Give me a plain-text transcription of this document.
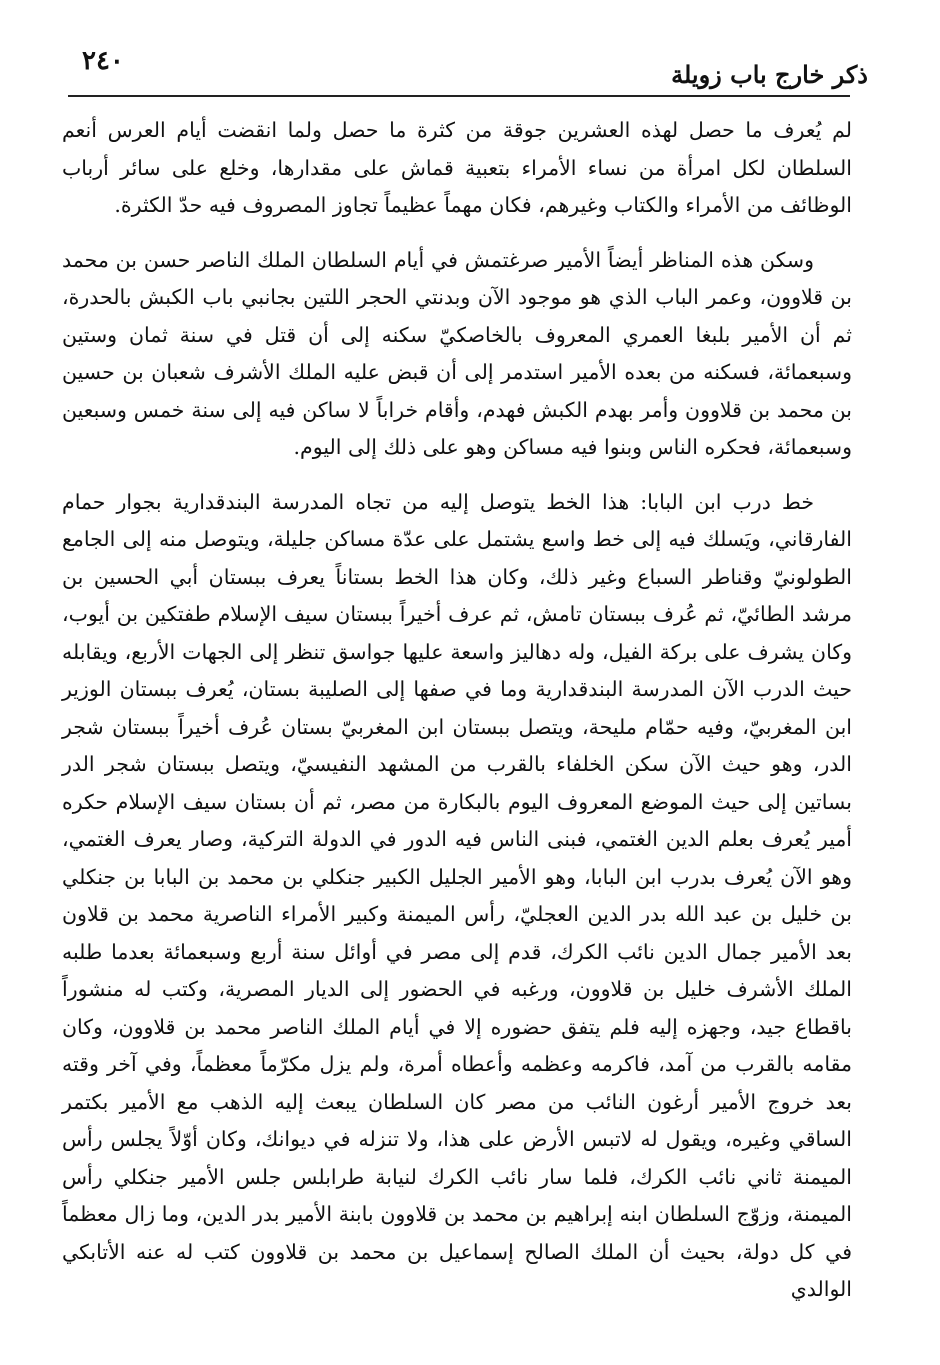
٢٤٠	ذكر خارج باب زويلة

لم يُعرف ما حصل لهذه العشرين جوقة من كثرة ما حصل ولما انقضت أيام العرس أنعم السلطان لكل امرأة من نساء الأمراء بتعبية قماش على مقدارها، وخلع على سائر أرباب الوظائف من الأمراء والكتاب وغيرهم، فكان مهماً عظيماً تجاوز المصروف فيه حدّ الكثرة.

وسكن هذه المناظر أيضاً الأمير صرغتمش في أيام السلطان الملك الناصر حسن بن محمد بن قلاوون، وعمر الباب الذي هو موجود الآن وبدنتي الحجر اللتين بجانبي باب الكبش بالحدرة، ثم أن الأمير بلبغا العمري المعروف بالخاصكيّ سكنه إلى أن قتل في سنة ثمان وستين وسبعمائة، فسكنه من بعده الأمير استدمر إلى أن قبض عليه الملك الأشرف شعبان بن حسين بن محمد بن قلاوون وأمر بهدم الكبش فهدم، وأقام خراباً لا ساكن فيه إلى سنة خمس وسبعين وسبعمائة، فحكره الناس وبنوا فيه مساكن وهو على ذلك إلى اليوم.

خط درب ابن البابا: هذا الخط يتوصل إليه من تجاه المدرسة البندقدارية بجوار حمام الفارقاني، ويَسلك فيه إلى خط واسع يشتمل على عدّة مساكن جليلة، ويتوصل منه إلى الجامع الطولونيّ وقناطر السباع وغير ذلك، وكان هذا الخط بستاناً يعرف ببستان أبي الحسين بن مرشد الطائيّ، ثم عُرف ببستان تامش، ثم عرف أخيراً ببستان سيف الإسلام طفتكين بن أيوب، وكان يشرف على بركة الفيل، وله دهاليز واسعة عليها جواسق تنظر إلى الجهات الأربع، ويقابله حيث الدرب الآن المدرسة البندقدارية وما في صفها إلى الصليبة بستان، يُعرف ببستان الوزير ابن المغربيّ، وفيه حمّام مليحة، ويتصل ببستان ابن المغربيّ بستان عُرف أخيراً ببستان شجر الدر، وهو حيث الآن سكن الخلفاء بالقرب من المشهد النفيسيّ، ويتصل ببستان شجر الدر بساتين إلى حيث الموضع المعروف اليوم بالبكارة من مصر، ثم أن بستان سيف الإسلام حكره أمير يُعرف بعلم الدين الغتمي، فبنى الناس فيه الدور في الدولة التركية، وصار يعرف الغتمي، وهو الآن يُعرف بدرب ابن البابا، وهو الأمير الجليل الكبير جنكلي بن محمد بن البابا بن جنكلي بن خليل بن عبد الله بدر الدين العجليّ، رأس الميمنة وكبير الأمراء الناصرية محمد بن قلاون بعد الأمير جمال الدين نائب الكرك، قدم إلى مصر في أوائل سنة أربع وسبعمائة بعدما طلبه الملك الأشرف خليل بن قلاوون، ورغبه في الحضور إلى الديار المصرية، وكتب له منشوراً باقطاع جيد، وجهزه إليه فلم يتفق حضوره إلا في أيام الملك الناصر محمد بن قلاوون، وكان مقامه بالقرب من آمد، فاكرمه وعظمه وأعطاه أمرة، ولم يزل مكرّماً معظماً، وفي آخر وقته بعد خروج الأمير أرغون النائب من مصر كان السلطان يبعث إليه الذهب مع الأمير بكتمر الساقي وغيره، ويقول له لاتبس الأرض على هذا، ولا تنزله في ديوانك، وكان أوّلاً يجلس رأس الميمنة ثاني نائب الكرك، فلما سار نائب الكرك لنيابة طرابلس جلس الأمير جنكلي رأس الميمنة، وزوّج السلطان ابنه إبراهيم بن محمد بن قلاوون بابنة الأمير بدر الدين، وما زال معظماً في كل دولة، بحيث أن الملك الصالح إسماعيل بن محمد بن قلاوون كتب له عنه الأتابكي الوالدي
